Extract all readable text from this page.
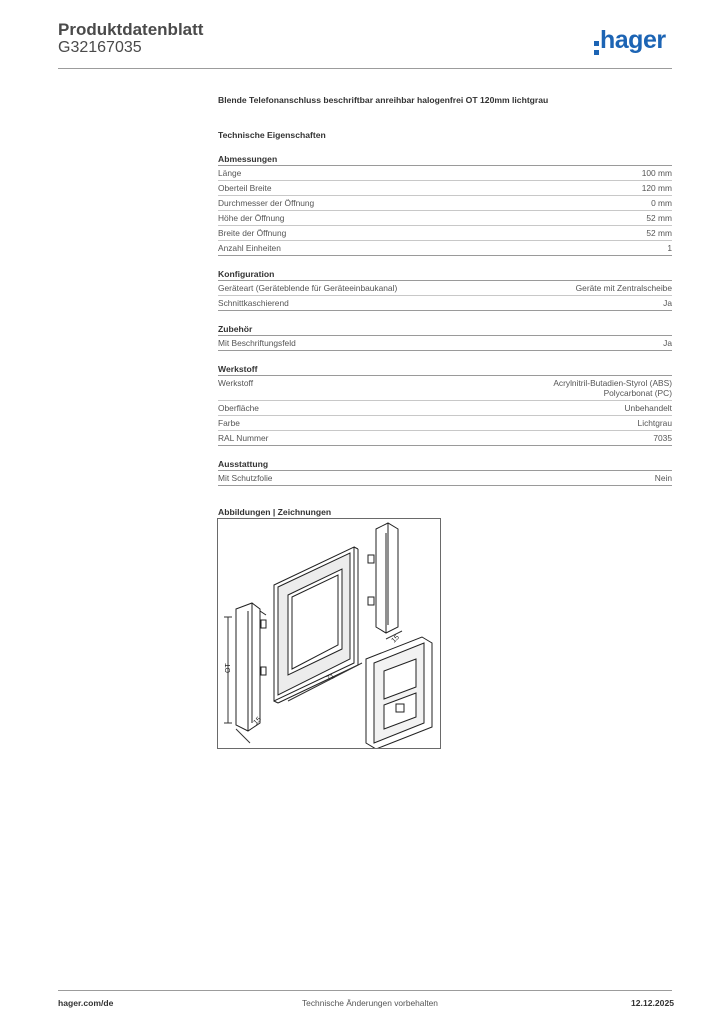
Produktdatenblatt
G32167035	hager
Blende Telefonanschluss beschriftbar anreihbar halogenfrei OT 120mm lichtgrau
Technische Eigenschaften
Abmessungen
Länge	100 mm
Oberteil Breite	120 mm
Durchmesser der Öffnung	0 mm
Höhe der Öffnung	52 mm
Breite der Öffnung	52 mm
Anzahl Einheiten	1
Konfiguration
Geräteart (Geräteblende für Geräteeinbaukanal)	Geräte mit Zentralscheibe
Schnittkaschierend	Ja
Zubehör
Mit Beschriftungsfeld	Ja
Werkstoff
Werkstoff	Acrylnitril-Butadien-Styrol (ABS)
Polycarbonat (PC)
Oberfläche	Unbehandelt
Farbe	Lichtgrau
RAL Nummer	7035
Ausstattung
Mit Schutzfolie	Nein
Abbildungen | Zeichnungen
OT
71
15
15
hager.com/de	Technische Änderungen vorbehalten	12.12.2025
